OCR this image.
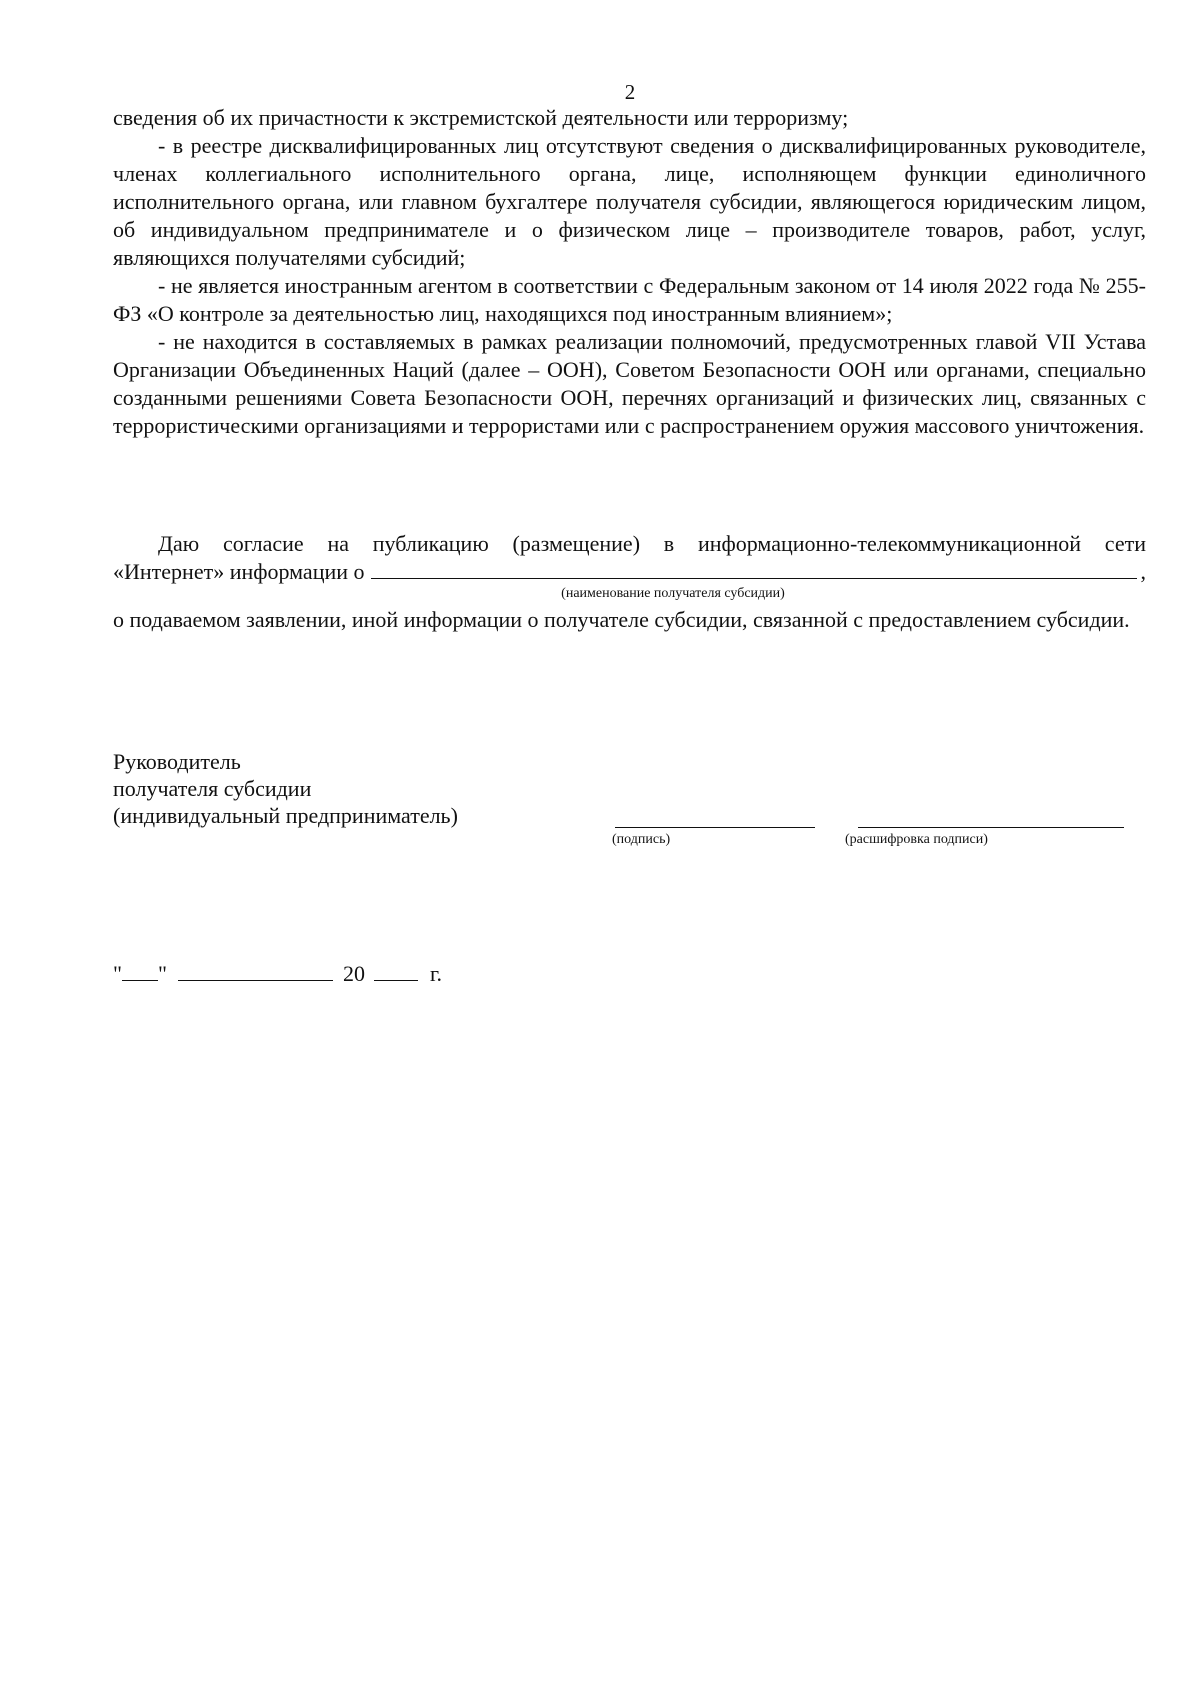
2

сведения об их причастности к экстремистской деятельности или терроризму;

- в реестре дисквалифицированных лиц отсутствуют сведения о дисквалифицированных руководителе, членах коллегиального исполнительного органа, лице, исполняющем функции единоличного исполнительного органа, или главном бухгалтере получателя субсидии, являющегося юридическим лицом, об индивидуальном предпринимателе и о физическом лице – производителе товаров, работ, услуг, являющихся получателями субсидий;

- не является иностранным агентом в соответствии с Федеральным законом от 14 июля 2022 года № 255-ФЗ «О контроле за деятельностью лиц, находящихся под иностранным влиянием»;

- не находится в составляемых в рамках реализации полномочий, предусмотренных главой VII Устава Организации Объединенных Наций (далее – ООН), Советом Безопасности ООН или органами, специально созданными решениями Совета Безопасности ООН, перечнях организаций и физических лиц, связанных с террористическими организациями и террористами или с распространением оружия массового уничтожения.

Даю согласие на публикацию (размещение) в информационно-телекоммуникационной сети

«Интернет» информации о	,
(наименование получателя субсидии)

о подаваемом заявлении, иной информации о получателе субсидии, связанной с предоставлением субсидии.

Руководитель
получателя субсидии
(индивидуальный предприниматель)
(подпись)	(расшифровка подписи)
" "	20	г.
